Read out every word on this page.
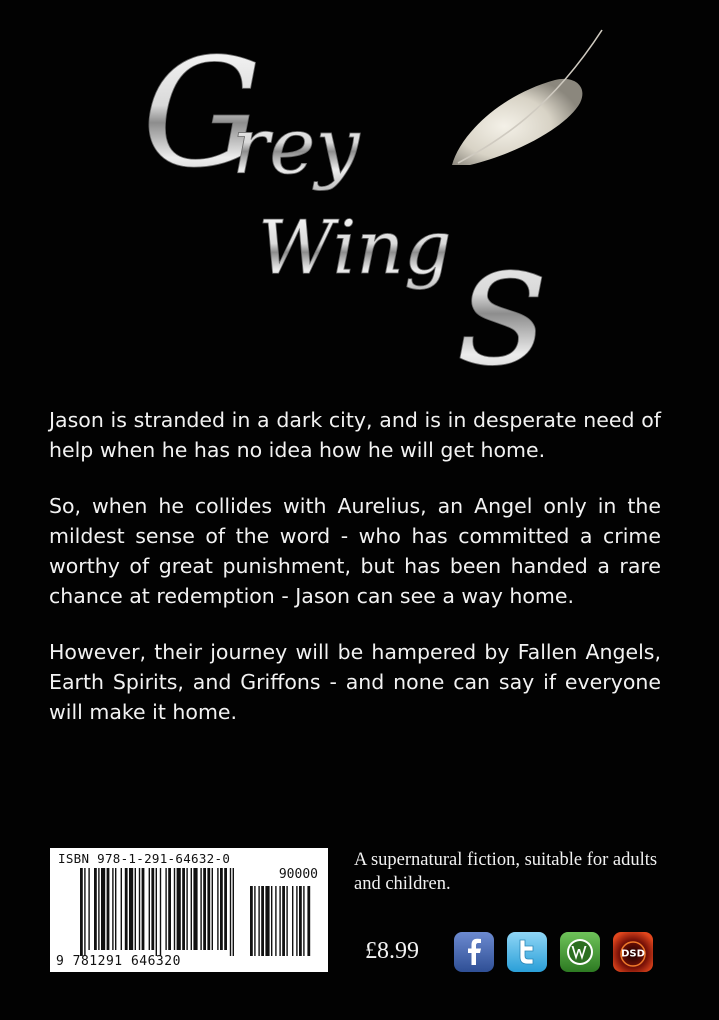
G
rey
Wing s

Jason is stranded in a dark city, and is in desperate need of help when he has no idea how he will get home.

So, when he collides with Aurelius, an Angel only in the mildest sense of the word - who has committed a crime worthy of great punishment, but has been handed a rare chance at redemption - Jason can see a way home.

However, their journey will be hampered by Fallen Angels, Earth Spirits, and Griffons - and none can say if everyone will make it home.

ISBN 978-1-291-64632-0
90000
9 781291 646320
A supernatural fiction, suitable for adults and children.
£8.99	DSD
